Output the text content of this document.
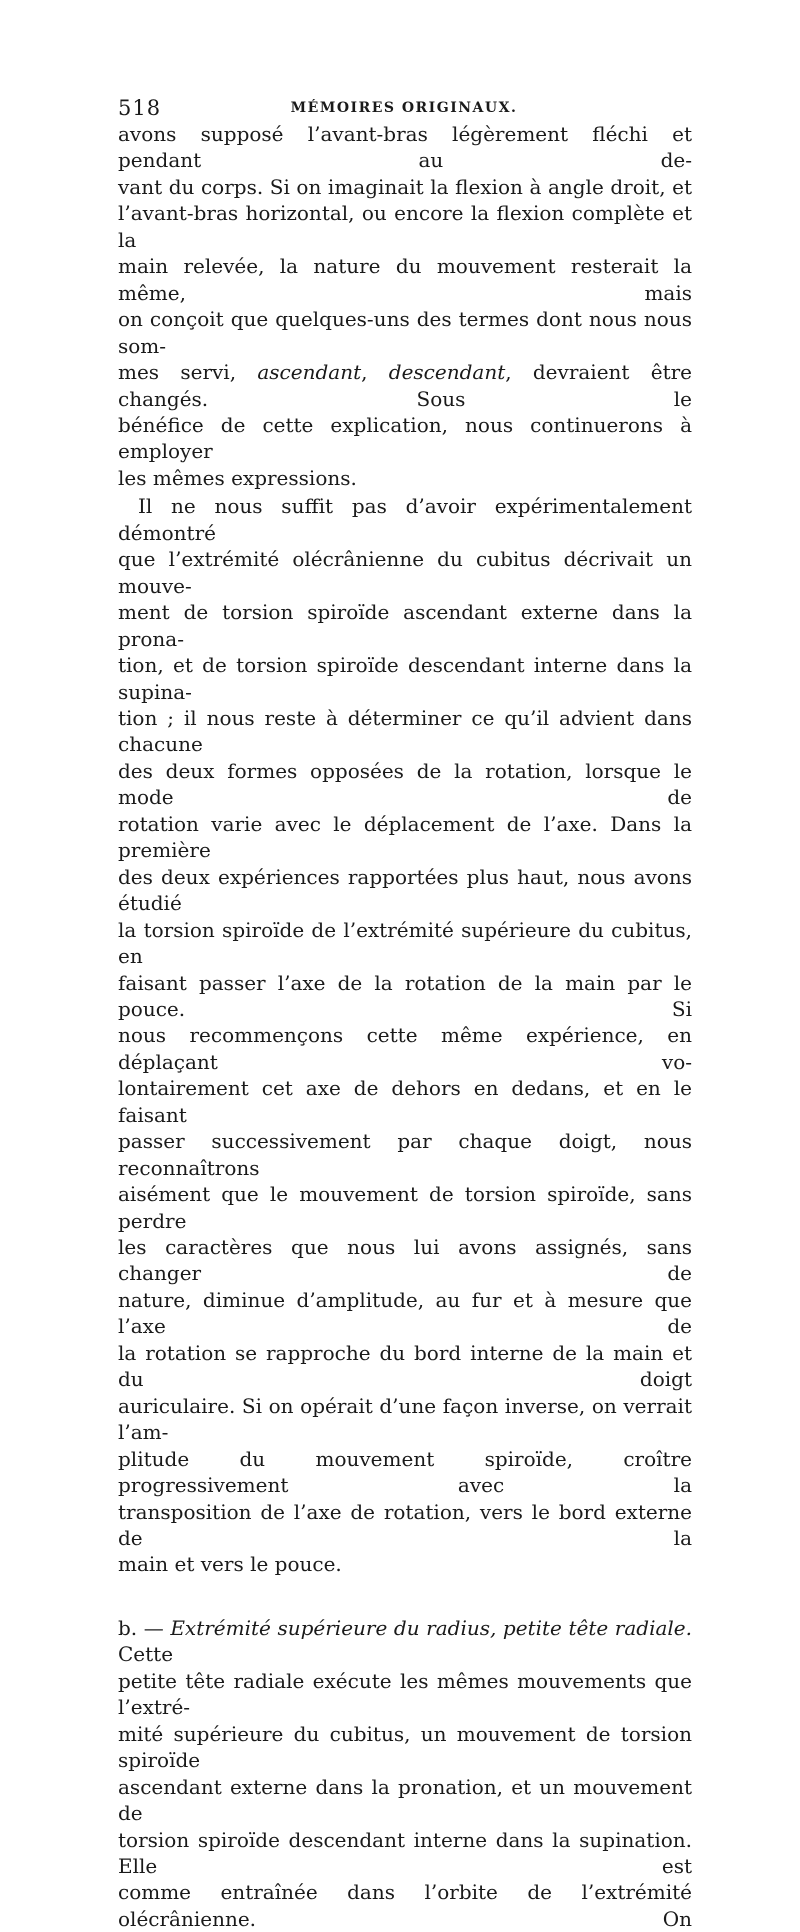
518	MÉMOIRES ORIGINAUX.

avons supposé l’avant-bras légèrement fléchi et pendant au de-

vant du corps. Si on imaginait la flexion à angle droit, et

l’avant-bras horizontal, ou encore la flexion complète et la

main relevée, la nature du mouvement resterait la même, mais

on conçoit que quelques-uns des termes dont nous nous som-

mes servi, ascendant, descendant, devraient être changés. Sous le

bénéfice de cette explication, nous continuerons à employer

les mêmes expressions.

Il ne nous suffit pas d’avoir expérimentalement démontré

que l’extrémité olécrânienne du cubitus décrivait un mouve-

ment de torsion spiroïde ascendant externe dans la prona-

tion, et de torsion spiroïde descendant interne dans la supina-

tion ; il nous reste à déterminer ce qu’il advient dans chacune

des deux formes opposées de la rotation, lorsque le mode de

rotation varie avec le déplacement de l’axe. Dans la première

des deux expériences rapportées plus haut, nous avons étudié

la torsion spiroïde de l’extrémité supérieure du cubitus, en

faisant passer l’axe de la rotation de la main par le pouce. Si

nous recommençons cette même expérience, en déplaçant vo-

lontairement cet axe de dehors en dedans, et en le faisant

passer successivement par chaque doigt, nous reconnaîtrons

aisément que le mouvement de torsion spiroïde, sans perdre

les caractères que nous lui avons assignés, sans changer de

nature, diminue d’amplitude, au fur et à mesure que l’axe de

la rotation se rapproche du bord interne de la main et du doigt

auriculaire. Si on opérait d’une façon inverse, on verrait l’am-

plitude du mouvement spiroïde, croître progressivement avec la

transposition de l’axe de rotation, vers le bord externe de la

main et vers le pouce.

b. — Extrémité supérieure du radius, petite tête radiale. Cette

petite tête radiale exécute les mêmes mouvements que l’extré-

mité supérieure du cubitus, un mouvement de torsion spiroïde

ascendant externe dans la pronation, et un mouvement de

torsion spiroïde descendant interne dans la supination. Elle est

comme entraînée dans l’orbite de l’extrémité olécrânienne. On
